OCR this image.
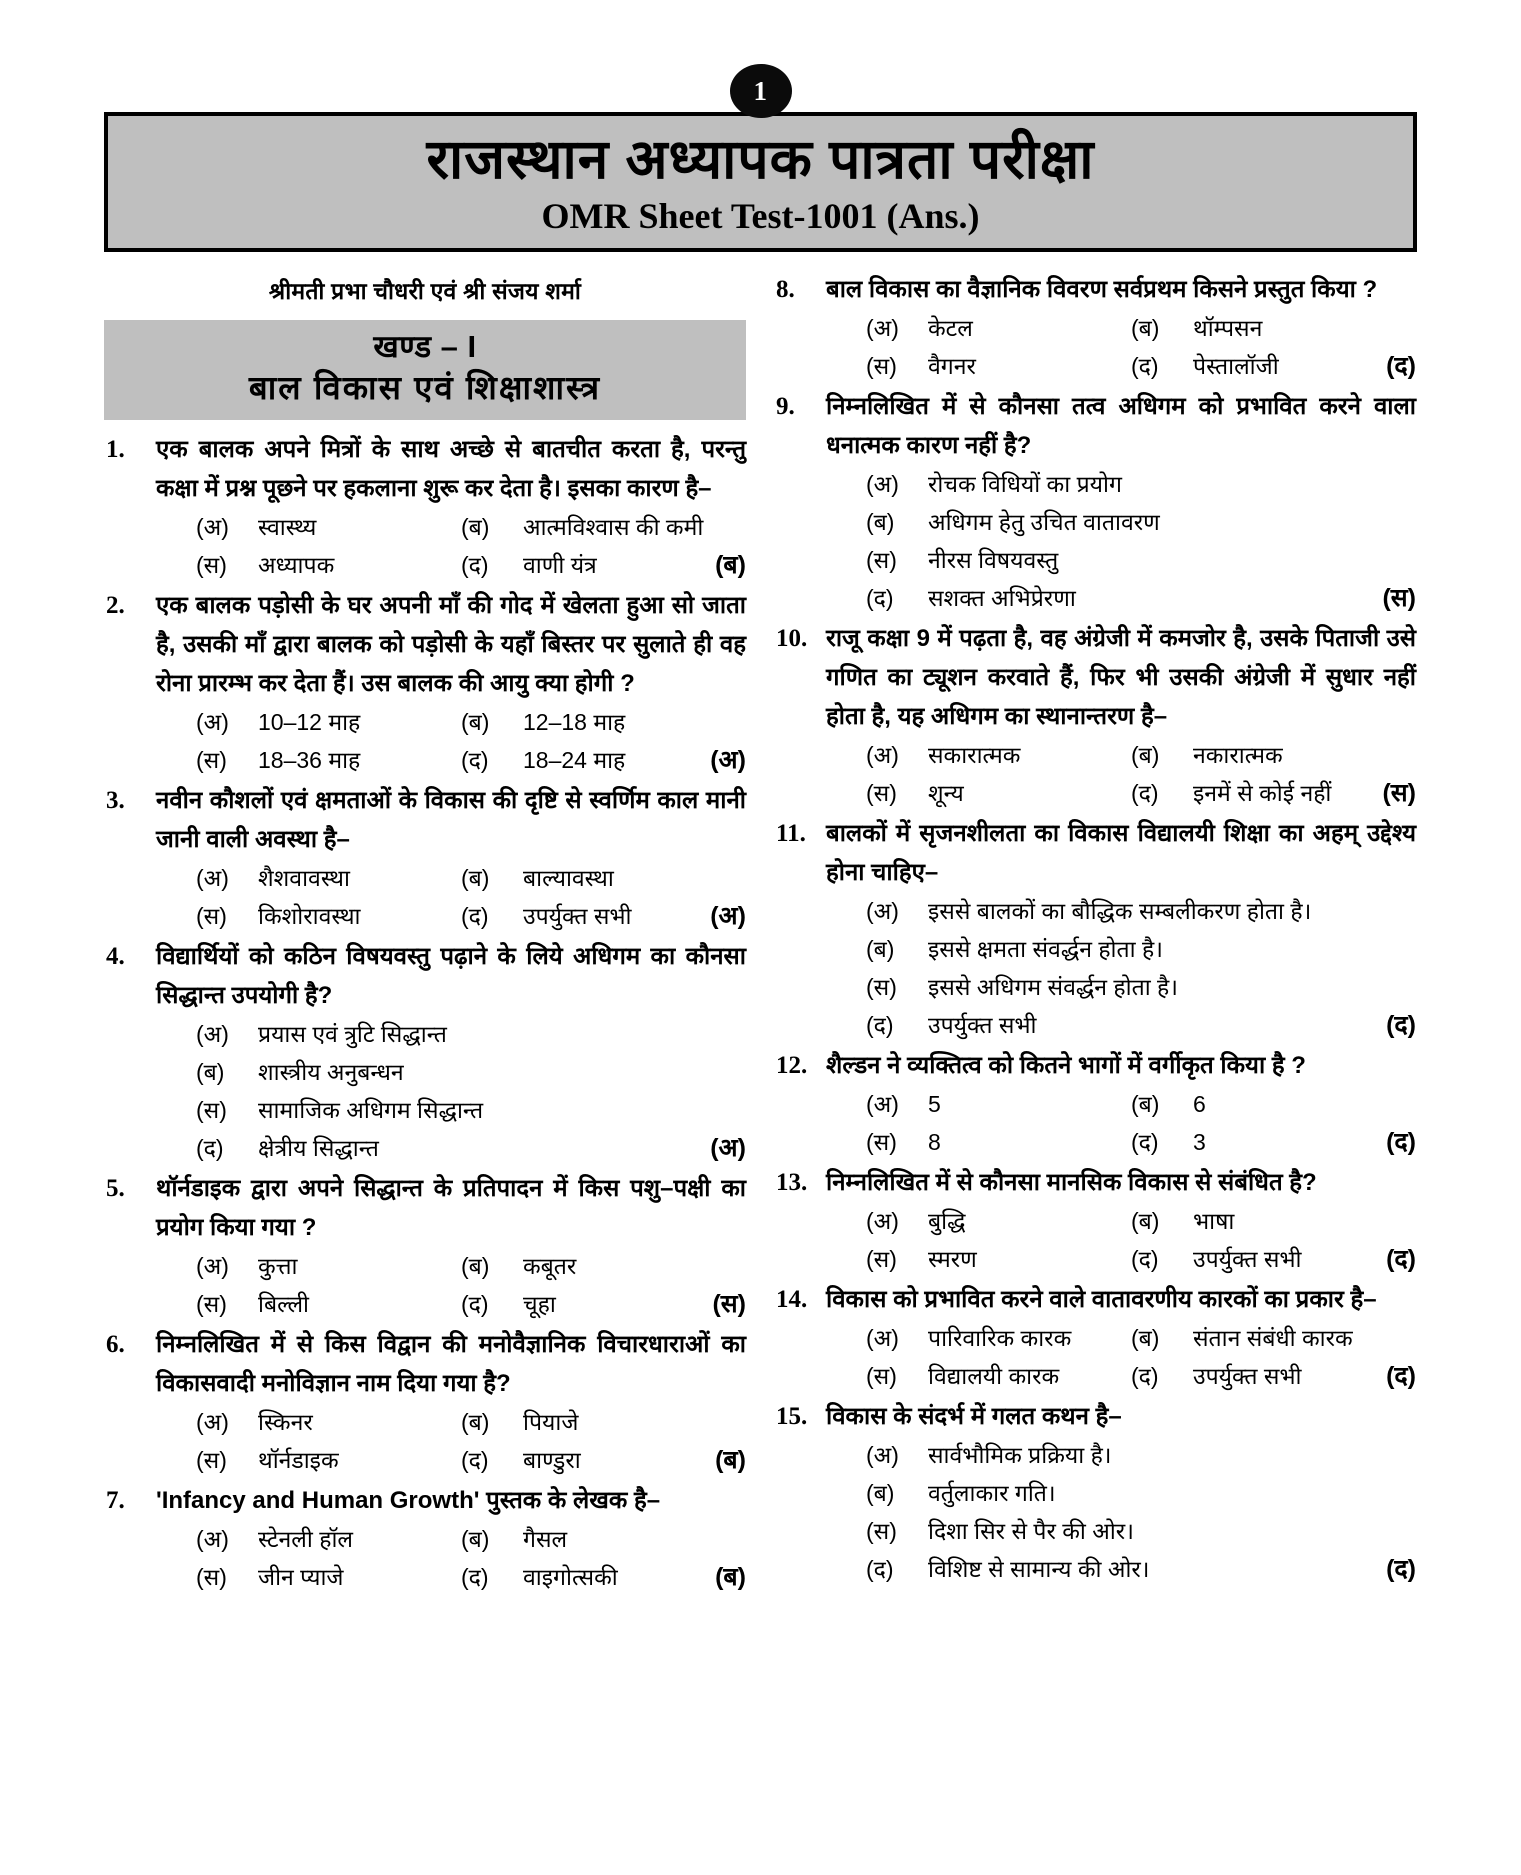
1
राजस्थान अध्यापक पात्रता परीक्षा
OMR Sheet Test-1001 (Ans.)
श्रीमती प्रभा चौधरी एवं श्री संजय शर्मा
खण्ड – I
बाल विकास एवं शिक्षाशास्त्र
1.	एक बालक अपने मित्रों के साथ अच्छे से बातचीत करता है, परन्तु कक्षा में प्रश्न पूछने पर हकलाना शुरू कर देता है। इसका कारण है–
(अ)	स्वास्थ्य	(ब)	आत्मविश्वास की कमी
(स)	अध्यापक	(द)	वाणी यंत्र	(ब)
2.	एक बालक पड़ोसी के घर अपनी माँ की गोद में खेलता हुआ सो जाता है, उसकी माँ द्वारा बालक को पड़ोसी के यहाँ बिस्तर पर सुलाते ही वह रोना प्रारम्भ कर देता हैं। उस बालक की आयु क्या होगी ?
(अ)	10–12 माह	(ब)	12–18 माह
(स)	18–36 माह	(द)	18–24 माह	(अ)
3.	नवीन कौशलों एवं क्षमताओं के विकास की दृष्टि से स्वर्णिम काल मानी जानी वाली अवस्था है–
(अ)	शैशवावस्था	(ब)	बाल्यावस्था
(स)	किशोरावस्था	(द)	उपर्युक्त सभी	(अ)
4.	विद्यार्थियों को कठिन विषयवस्तु पढ़ाने के लिये अधिगम का कौनसा सिद्धान्त उपयोगी है?
(अ)	प्रयास एवं त्रुटि सिद्धान्त
(ब)	शास्त्रीय अनुबन्धन
(स)	सामाजिक अधिगम सिद्धान्त
(द)	क्षेत्रीय सिद्धान्त	(अ)
5.	थॉर्नडाइक द्वारा अपने सिद्धान्त के प्रतिपादन में किस पशु–पक्षी का प्रयोग किया गया ?
(अ)	कुत्ता	(ब)	कबूतर
(स)	बिल्ली	(द)	चूहा	(स)
6.	निम्नलिखित में से किस विद्वान की मनोवैज्ञानिक विचारधाराओं का विकासवादी मनोविज्ञान नाम दिया गया है?
(अ)	स्किनर	(ब)	पियाजे
(स)	थॉर्नडाइक	(द)	बाण्डुरा	(ब)
7.	'Infancy and Human Growth' पुस्तक के लेखक है–
(अ)	स्टेनली हॉल	(ब)	गैसल
(स)	जीन प्याजे	(द)	वाइगोत्सकी	(ब)
8.	बाल विकास का वैज्ञानिक विवरण सर्वप्रथम किसने प्रस्तुत किया ?
(अ)	केटल	(ब)	थॉम्पसन
(स)	वैगनर	(द)	पेस्तालॉजी	(द)
9.	निम्नलिखित में से कौनसा तत्व अधिगम को प्रभावित करने वाला धनात्मक कारण नहीं है?
(अ)	रोचक विधियों का प्रयोग
(ब)	अधिगम हेतु उचित वातावरण
(स)	नीरस विषयवस्तु
(द)	सशक्त अभिप्रेरणा	(स)
10. राजू कक्षा 9 में पढ़ता है, वह अंग्रेजी में कमजोर है, उसके पिताजी उसे गणित का ट्यूशन करवाते हैं, फिर भी उसकी अंग्रेजी में सुधार नहीं होता है, यह अधिगम का स्थानान्तरण है–
(अ)	सकारात्मक	(ब)	नकारात्मक
(स)	शून्य	(द)	इनमें से कोई नहीं	(स)
11. बालकों में सृजनशीलता का विकास विद्यालयी शिक्षा का अहम् उद्देश्य होना चाहिए–
(अ)	इससे बालकों का बौद्धिक सम्बलीकरण होता है।
(ब)	इससे क्षमता संवर्द्धन होता है।
(स)	इससे अधिगम संवर्द्धन होता है।
(द)	उपर्युक्त सभी	(द)
12. शैल्डन ने व्यक्तित्व को कितने भागों में वर्गीकृत किया है ?
(अ)	5	(ब)	6
(स)	8	(द)	3	(द)
13. निम्नलिखित में से कौनसा मानसिक विकास से संबंधित है?
(अ)	बुद्धि	(ब)	भाषा
(स)	स्मरण	(द)	उपर्युक्त सभी	(द)
14. विकास को प्रभावित करने वाले वातावरणीय कारकों का प्रकार है–
(अ)	पारिवारिक कारक	(ब)	संतान संबंधी कारक
(स)	विद्यालयी कारक	(द)	उपर्युक्त सभी	(द)
15. विकास के संदर्भ में गलत कथन है–
(अ)	सार्वभौमिक प्रक्रिया है।
(ब)	वर्तुलाकार गति।
(स)	दिशा सिर से पैर की ओर।
(द)	विशिष्ट से सामान्य की ओर।	(द)
